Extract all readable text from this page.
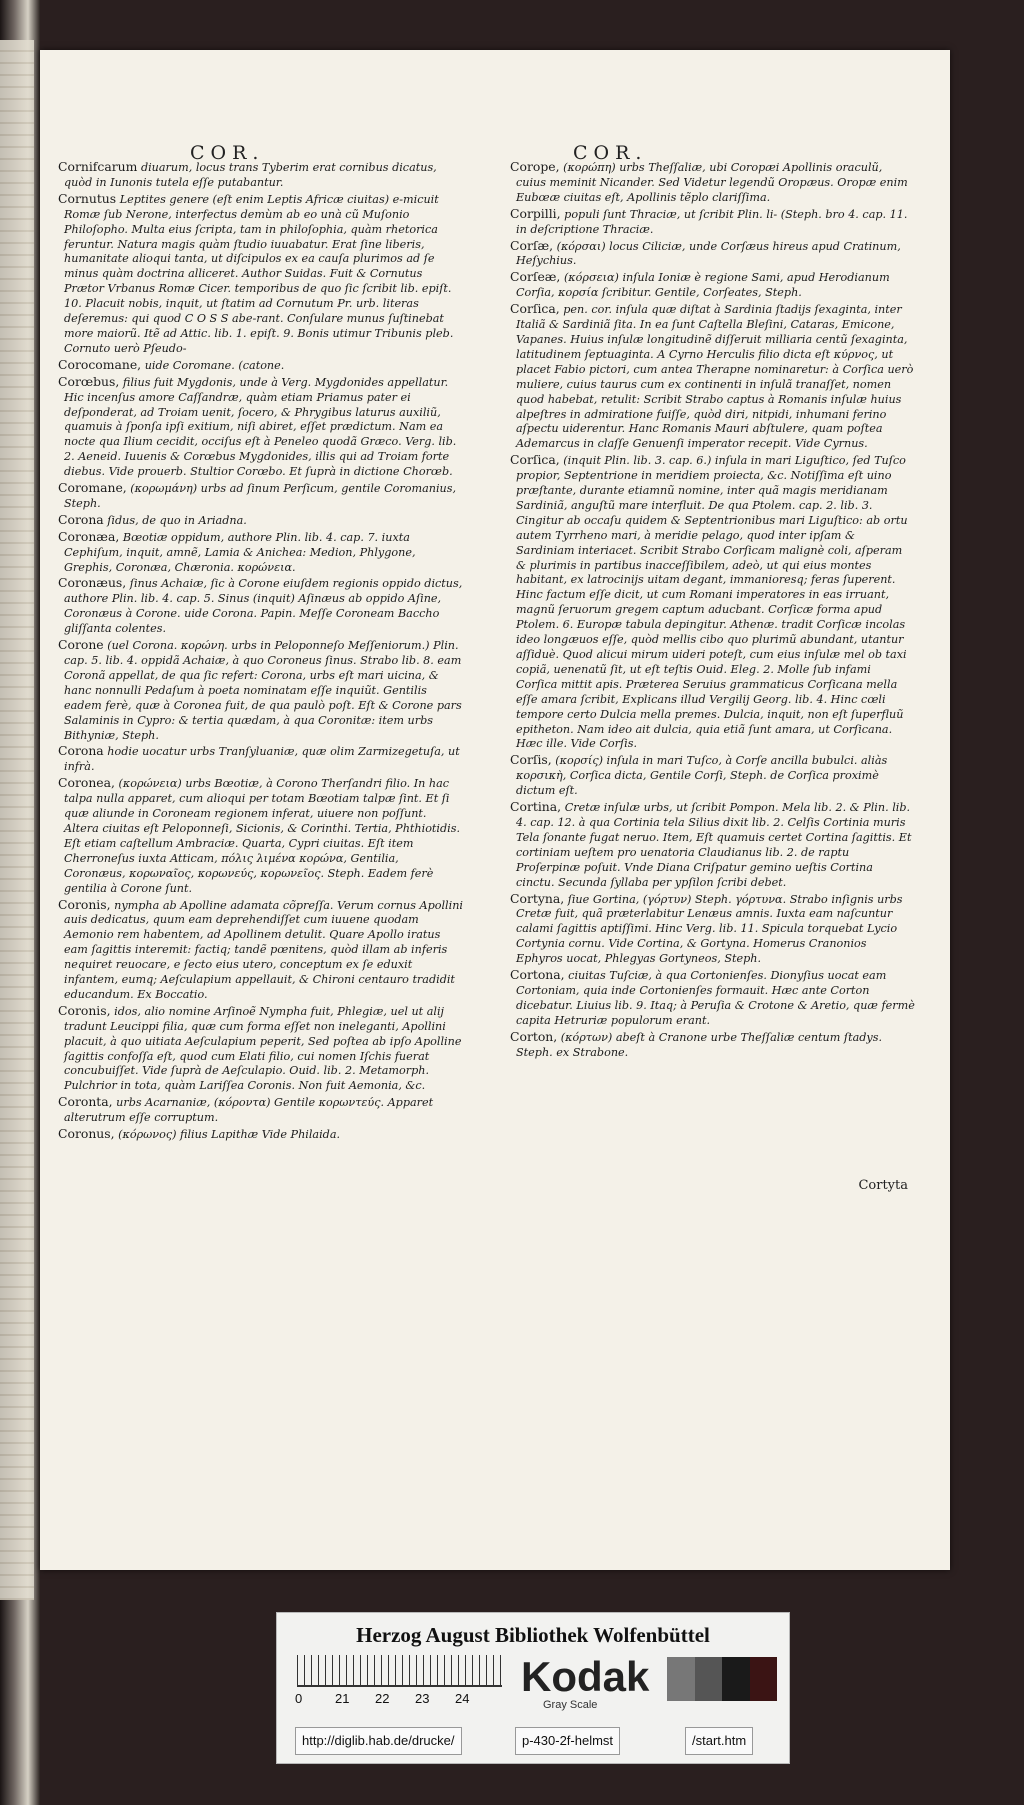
COR.	COR.

Cornifcarum diuarum, locus trans Tyberim erat cornibus dicatus, quòd in Iunonis tutela eſſe putabantur.

Cornutus Leptites genere (eſt enim Leptis Africæ ciuitas) e-micuit Romæ ſub Nerone, interfectus demùm ab eo unà cũ Muſonio Philoſopho. Multa eius ſcripta, tam in philoſophia, quàm rhetorica feruntur. Natura magis quàm ſtudio iuuabatur. Erat ſine liberis, humanitate alioqui tanta, ut diſcipulos ex ea cauſa plurimos ad ſe minus quàm doctrina alliceret. Author Suidas. Fuit & Cornutus Prætor Vrbanus Romæ Cicer. temporibus de quo ſic ſcribit lib. epiſt. 10. Placuit nobis, inquit, ut ſtatim ad Cornutum Pr. urb. literas deſeremus: qui quod C O S S abe-rant. Conſulare munus ſuſtinebat more maiorũ. Itẽ ad Attic. lib. 1. epiſt. 9. Bonis utimur Tribunis pleb. Cornuto uerò Pſeudo-

Corocomane, uide Coromane. (catone.

Corœbus, filius fuit Mygdonis, unde à Verg. Mygdonides appellatur. Hic incenſus amore Caſſandræ, quàm etiam Priamus pater ei deſponderat, ad Troiam uenit, ſocero, & Phrygibus laturus auxiliũ, quamuis à ſponſa ipſi exitium, niſi abiret, eſſet prædictum. Nam ea nocte qua Ilium cecidit, occiſus eſt à Peneleo quodã Græco. Verg. lib. 2. Aeneid. Iuuenis & Corœbus Mygdonides, illis qui ad Troiam forte diebus. Vide prouerb. Stultior Corœbo. Et ſuprà in dictione Chorœb.

Coromane, (κορωμάνη) urbs ad ſinum Perſicum, gentile Coromanius, Steph.

Corona ſidus, de quo in Ariadna.

Coronæa, Bœotiæ oppidum, authore Plin. lib. 4. cap. 7. iuxta Cephiſum, inquit, amnẽ, Lamia & Anichea: Medion, Phlygone, Grephis, Coronæa, Chæronia. κορώνεια.

Coronæus, ſinus Achaiæ, ſic à Corone eiuſdem regionis oppido dictus, authore Plin. lib. 4. cap. 5. Sinus (inquit) Aſinæus ab oppido Aſine, Coronæus à Corone. uide Corona. Papin. Meſſe Coroneam Baccho gliſſanta colentes.

Corone (uel Corona. κορώνη. urbs in Peloponneſo Meſſeniorum.) Plin. cap. 5. lib. 4. oppidã Achaiæ, à quo Coroneus ſinus. Strabo lib. 8. eam Coronã appellat, de qua ſic refert: Corona, urbs eſt mari uicina, & hanc nonnulli Pedaſum à poeta nominatam eſſe inquiũt. Gentilis eadem ferè, quæ à Coronea fuit, de qua paulò poſt. Eſt & Corone pars Salaminis in Cypro: & tertia quædam, à qua Coronitæ: item urbs Bithyniæ, Steph.

Corona hodie uocatur urbs Tranſyluaniæ, quæ olim Zarmizegetuſa, ut infrà.

Coronea, (κορώνεια) urbs Bœotiæ, à Corono Therſandri filio. In hac talpa nulla apparet, cum alioqui per totam Bœotiam talpæ ſint. Et ſi quæ aliunde in Coroneam regionem inferat, uiuere non poſſunt. Altera ciuitas eſt Peloponneſi, Sicionis, & Corinthi. Tertia, Phthiotidis. Eſt etiam caſtellum Ambraciæ. Quarta, Cypri ciuitas. Eſt item Cherroneſus iuxta Atticam, πόλις λιμένα κορώνα, Gentilia, Coronæus, κορωναῖος, κορωνεύς, κορωνεῖος. Steph. Eadem ferè gentilia à Corone ſunt.

Coronis, nympha ab Apolline adamata cõpreſſa. Verum cornus Apollini auis dedicatus, quum eam deprehendiſſet cum iuuene quodam Aemonio rem habentem, ad Apollinem detulit. Quare Apollo iratus eam ſagittis interemit: factiq; tandẽ pœnitens, quòd illam ab inferis nequiret reuocare, e ſecto eius utero, conceptum ex ſe eduxit infantem, eumq; Aeſculapium appellauit, & Chironi centauro tradidit educandum. Ex Boccatio.

Coronis, idos, alio nomine Arſinoẽ Nympha fuit, Phlegiæ, uel ut alij tradunt Leucippi filia, quæ cum forma eſſet non ineleganti, Apollini placuit, à quo uitiata Aeſculapium peperit, Sed poſtea ab ipſo Apolline ſagittis confoſſa eſt, quod cum Elati filio, cui nomen Iſchis fuerat concubuiſſet. Vide ſuprà de Aeſculapio. Ouid. lib. 2. Metamorph. Pulchrior in tota, quàm Lariſſea Coronis. Non fuit Aemonia, &c.

Coronta, urbs Acarnaniæ, (κόροντα) Gentile κορωντεύς. Apparet alterutrum eſſe corruptum.

Coronus, (κόρωνος) filius Lapithæ Vide Philaida.

Corope, (κορώπη) urbs Theſſaliæ, ubi Coropæi Apollinis oraculũ, cuius meminit Nicander. Sed Videtur legendũ Oropæus. Oropæ enim Eubœæ ciuitas eſt, Apollinis tẽplo clariſſima.

Corpilli, populi ſunt Thraciæ, ut ſcribit Plin. li- (Steph. bro 4. cap. 11. in deſcriptione Thraciæ.

Corſæ, (κόρσαι) locus Ciliciæ, unde Corſæus hireus apud Cratinum, Heſychius.

Corſeæ, (κόρσεια) inſula Ioniæ è regione Sami, apud Herodianum Corſia, κορσία ſcribitur. Gentile, Corſeates, Steph.

Corſica, pen. cor. inſula quæ diſtat à Sardinia ſtadijs ſexaginta, inter Italiã & Sardiniã ſita. In ea ſunt Caſtella Bleſini, Cataras, Emicone, Vapanes. Huius inſulæ longitudinẽ diſſeruit milliaria centũ ſexaginta, latitudinem ſeptuaginta. A Cyrno Herculis filio dicta eſt κύρνος, ut placet Fabio pictori, cum antea Therapne nominaretur: à Corſica uerò muliere, cuius taurus cum ex continenti in inſulã tranaſſet, nomen quod habebat, retulit: Scribit Strabo captus à Romanis inſulæ huius alpeſtres in admiratione fuiſſe, quòd diri, nitpidi, inhumani ferino aſpectu uiderentur. Hanc Romanis Mauri abſtulere, quam poſtea Ademarcus in claſſe Genuenſi imperator recepit. Vide Cyrnus.

Corſica, (inquit Plin. lib. 3. cap. 6.) inſula in mari Liguſtico, ſed Tuſco propior, Septentrione in meridiem proiecta, &c. Notiſſima eſt uino præſtante, durante etiamnũ nomine, inter quã magis meridianam Sardiniã, anguſtũ mare interfluit. De qua Ptolem. cap. 2. lib. 3. Cingitur ab occaſu quidem & Septentrionibus mari Liguſtico: ab ortu autem Tyrrheno mari, à meridie pelago, quod inter ipſam & Sardiniam interiacet. Scribit Strabo Corſicam malignè coli, aſperam & plurimis in partibus inacceſſibilem, adeò, ut qui eius montes habitant, ex latrocinijs uitam degant, immanioresq; feras ſuperent. Hinc factum eſſe dicit, ut cum Romani imperatores in eas irruant, magnũ ſeruorum gregem captum aducbant. Corſicæ forma apud Ptolem. 6. Europæ tabula depingitur. Athenæ. tradit Corſicæ incolas ideo longæuos eſſe, quòd mellis cibo quo plurimũ abundant, utantur aſſiduè. Quod alicui mirum uideri poteſt, cum eius inſulæ mel ob taxi copiã, uenenatũ ſit, ut eſt teſtis Ouid. Eleg. 2. Molle ſub infami Corſica mittit apis. Præterea Seruius grammaticus Corſicana mella eſſe amara ſcribit, Explicans illud Vergilij Georg. lib. 4. Hinc cœli tempore certo Dulcia mella premes. Dulcia, inquit, non eſt ſuperfluũ epitheton. Nam ideo ait dulcia, quia etiã ſunt amara, ut Corſicana. Hæc ille. Vide Corſis.

Corſis, (κορσίς) inſula in mari Tuſco, à Corſe ancilla bubulci. aliàs κορσικὴ, Corſica dicta, Gentile Corſi, Steph. de Corſica proximè dictum eſt.

Cortina, Cretæ inſulæ urbs, ut ſcribit Pompon. Mela lib. 2. & Plin. lib. 4. cap. 12. à qua Cortinia tela Silius dixit lib. 2. Celſis Cortinia muris Tela ſonante fugat neruo. Item, Eſt quamuis certet Cortina ſagittis. Et cortiniam ueſtem pro uenatoria Claudianus lib. 2. de raptu Proſerpinæ poſuit. Vnde Diana Criſpatur gemino ueſtis Cortina cinctu. Secunda ſyllaba per ypſilon ſcribi debet.

Cortyna, ſiue Gortina, (γόρτυν) Steph. γόρτυνα. Strabo inſignis urbs Cretæ fuit, quã præterlabitur Lenæus amnis. Iuxta eam naſcuntur calami ſagittis aptiſſimi. Hinc Verg. lib. 11. Spicula torquebat Lycio Cortynia cornu. Vide Cortina, & Gortyna. Homerus Cranonios Ephyros uocat, Phlegyas Gortyneos, Steph.

Cortona, ciuitas Tuſciæ, à qua Cortonienſes. Dionyſius uocat eam Cortoniam, quia inde Cortonienſes formauit. Hæc ante Corton dicebatur. Liuius lib. 9. Itaq; à Peruſia & Crotone & Aretio, quæ fermè capita Hetruriæ populorum erant.

Corton, (κόρτων) abeſt à Cranone urbe Theſſaliæ centum ſtadys. Steph. ex Strabone.

Cortyta
Herzog August Bibliothek Wolfenbüttel
0	21 22 23 24	Kodak
Gray Scale
http://diglib.hab.de/drucke/	p-430-2f-helmst	/start.htm
